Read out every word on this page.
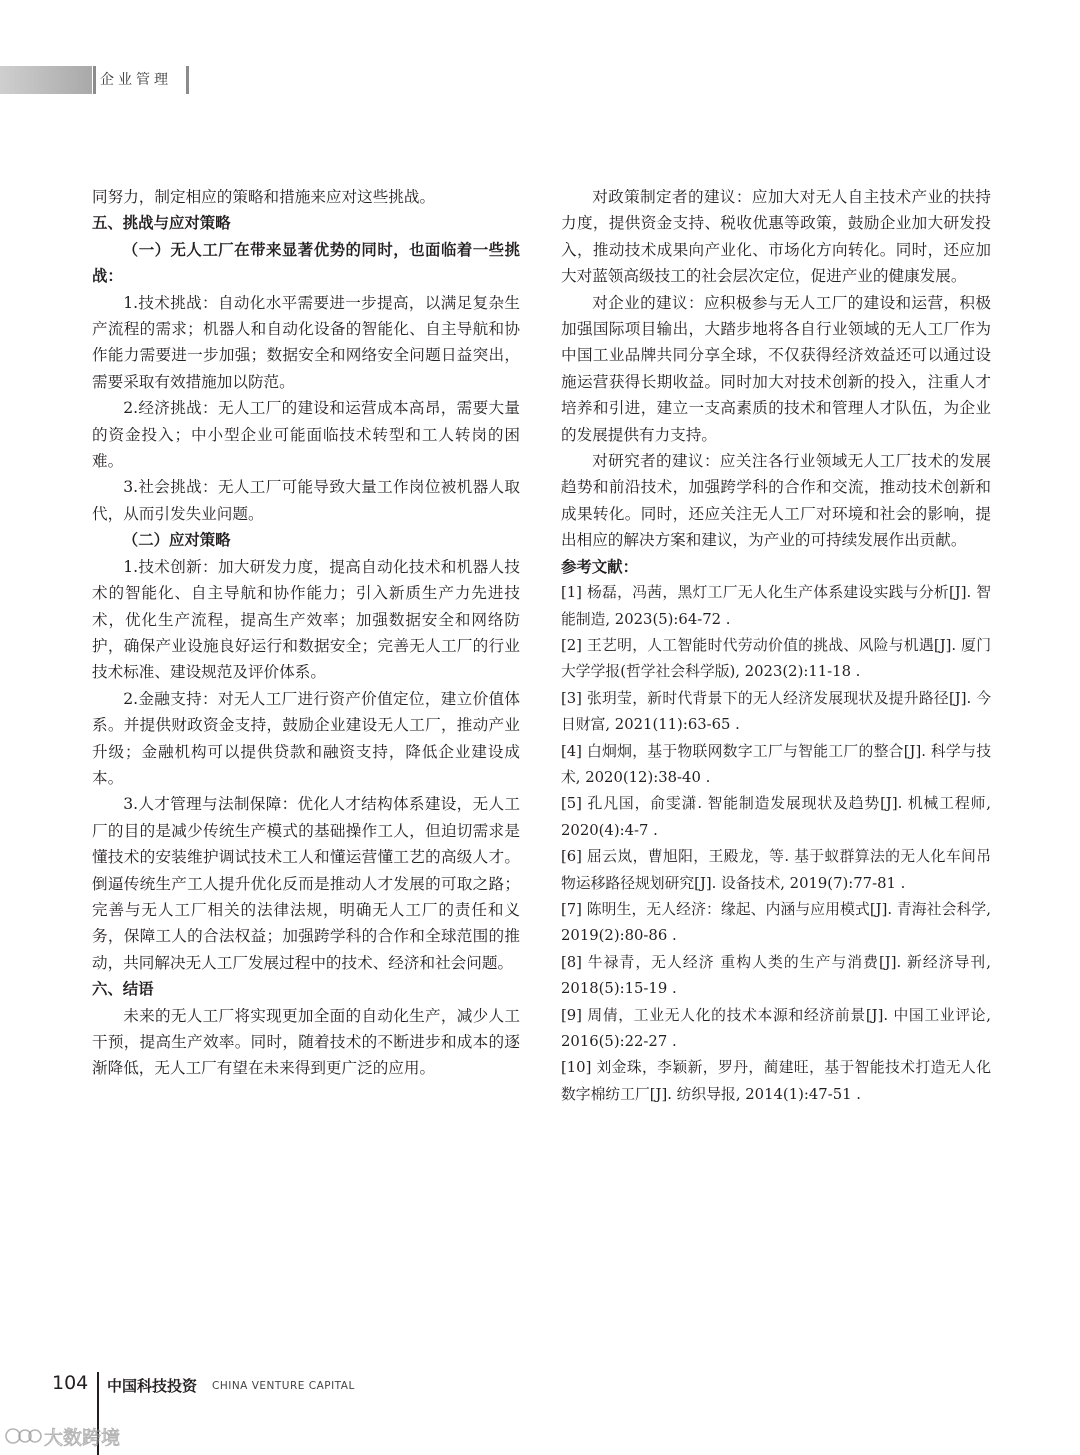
企业管理

同努力，制定相应的策略和措施来应对这些挑战。

五、挑战与应对策略

（一）无人工厂在带来显著优势的同时，也面临着一些挑战：

1.技术挑战：自动化水平需要进一步提高，以满足复杂生产流程的需求；机器人和自动化设备的智能化、自主导航和协作能力需要进一步加强；数据安全和网络安全问题日益突出，需要采取有效措施加以防范。

2.经济挑战：无人工厂的建设和运营成本高昂，需要大量的资金投入；中小型企业可能面临技术转型和工人转岗的困难。

3.社会挑战：无人工厂可能导致大量工作岗位被机器人取代，从而引发失业问题。

（二）应对策略

1.技术创新：加大研发力度，提高自动化技术和机器人技术的智能化、自主导航和协作能力；引入新质生产力先进技术，优化生产流程，提高生产效率；加强数据安全和网络防护，确保产业设施良好运行和数据安全；完善无人工厂的行业技术标准、建设规范及评价体系。

2.金融支持：对无人工厂进行资产价值定位，建立价值体系。并提供财政资金支持，鼓励企业建设无人工厂，推动产业升级；金融机构可以提供贷款和融资支持，降低企业建设成本。

3.人才管理与法制保障：优化人才结构体系建设，无人工厂的目的是减少传统生产模式的基础操作工人，但迫切需求是懂技术的安装维护调试技术工人和懂运营懂工艺的高级人才。倒逼传统生产工人提升优化反而是推动人才发展的可取之路；完善与无人工厂相关的法律法规，明确无人工厂的责任和义务，保障工人的合法权益；加强跨学科的合作和全球范围的推动，共同解决无人工厂发展过程中的技术、经济和社会问题。

六、结语

未来的无人工厂将实现更加全面的自动化生产，减少人工干预，提高生产效率。同时，随着技术的不断进步和成本的逐渐降低，无人工厂有望在未来得到更广泛的应用。

对政策制定者的建议：应加大对无人自主技术产业的扶持力度，提供资金支持、税收优惠等政策，鼓励企业加大研发投入，推动技术成果向产业化、市场化方向转化。同时，还应加大对蓝领高级技工的社会层次定位，促进产业的健康发展。

对企业的建议：应积极参与无人工厂的建设和运营，积极加强国际项目输出，大踏步地将各自行业领域的无人工厂作为中国工业品牌共同分享全球，不仅获得经济效益还可以通过设施运营获得长期收益。同时加大对技术创新的投入，注重人才培养和引进，建立一支高素质的技术和管理人才队伍，为企业的发展提供有力支持。

对研究者的建议：应关注各行业领域无人工厂技术的发展趋势和前沿技术，加强跨学科的合作和交流，推动技术创新和成果转化。同时，还应关注无人工厂对环境和社会的影响，提出相应的解决方案和建议，为产业的可持续发展作出贡献。

参考文献：

[1] 杨磊，冯茜，黑灯工厂无人化生产体系建设实践与分析[J]. 智能制造, 2023(5):64-72 .

[2] 王艺明，人工智能时代劳动价值的挑战、风险与机遇[J]. 厦门大学学报(哲学社会科学版), 2023(2):11-18 .

[3] 张玥莹，新时代背景下的无人经济发展现状及提升路径[J]. 今日财富, 2021(11):63-65 .

[4] 白炯炯，基于物联网数字工厂与智能工厂的整合[J]. 科学与技术, 2020(12):38-40 .

[5] 孔凡国，俞雯潇. 智能制造发展现状及趋势[J]. 机械工程师, 2020(4):4-7 .

[6] 屈云岚，曹旭阳，王殿龙，等. 基于蚁群算法的无人化车间吊物运移路径规划研究[J]. 设备技术, 2019(7):77-81 .

[7] 陈明生，无人经济：缘起、内涵与应用模式[J]. 青海社会科学, 2019(2):80-86 .

[8] 牛禄青，无人经济 重构人类的生产与消费[J]. 新经济导刊, 2018(5):15-19 .

[9] 周倩，工业无人化的技术本源和经济前景[J]. 中国工业评论, 2016(5):22-27 .

[10] 刘金珠，李颖新，罗丹，蔺建旺，基于智能技术打造无人化数字棉纺工厂[J]. 纺织导报, 2014(1):47-51 .

104 中国科技投资 CHINA VENTURE CAPITAL
大数跨境
